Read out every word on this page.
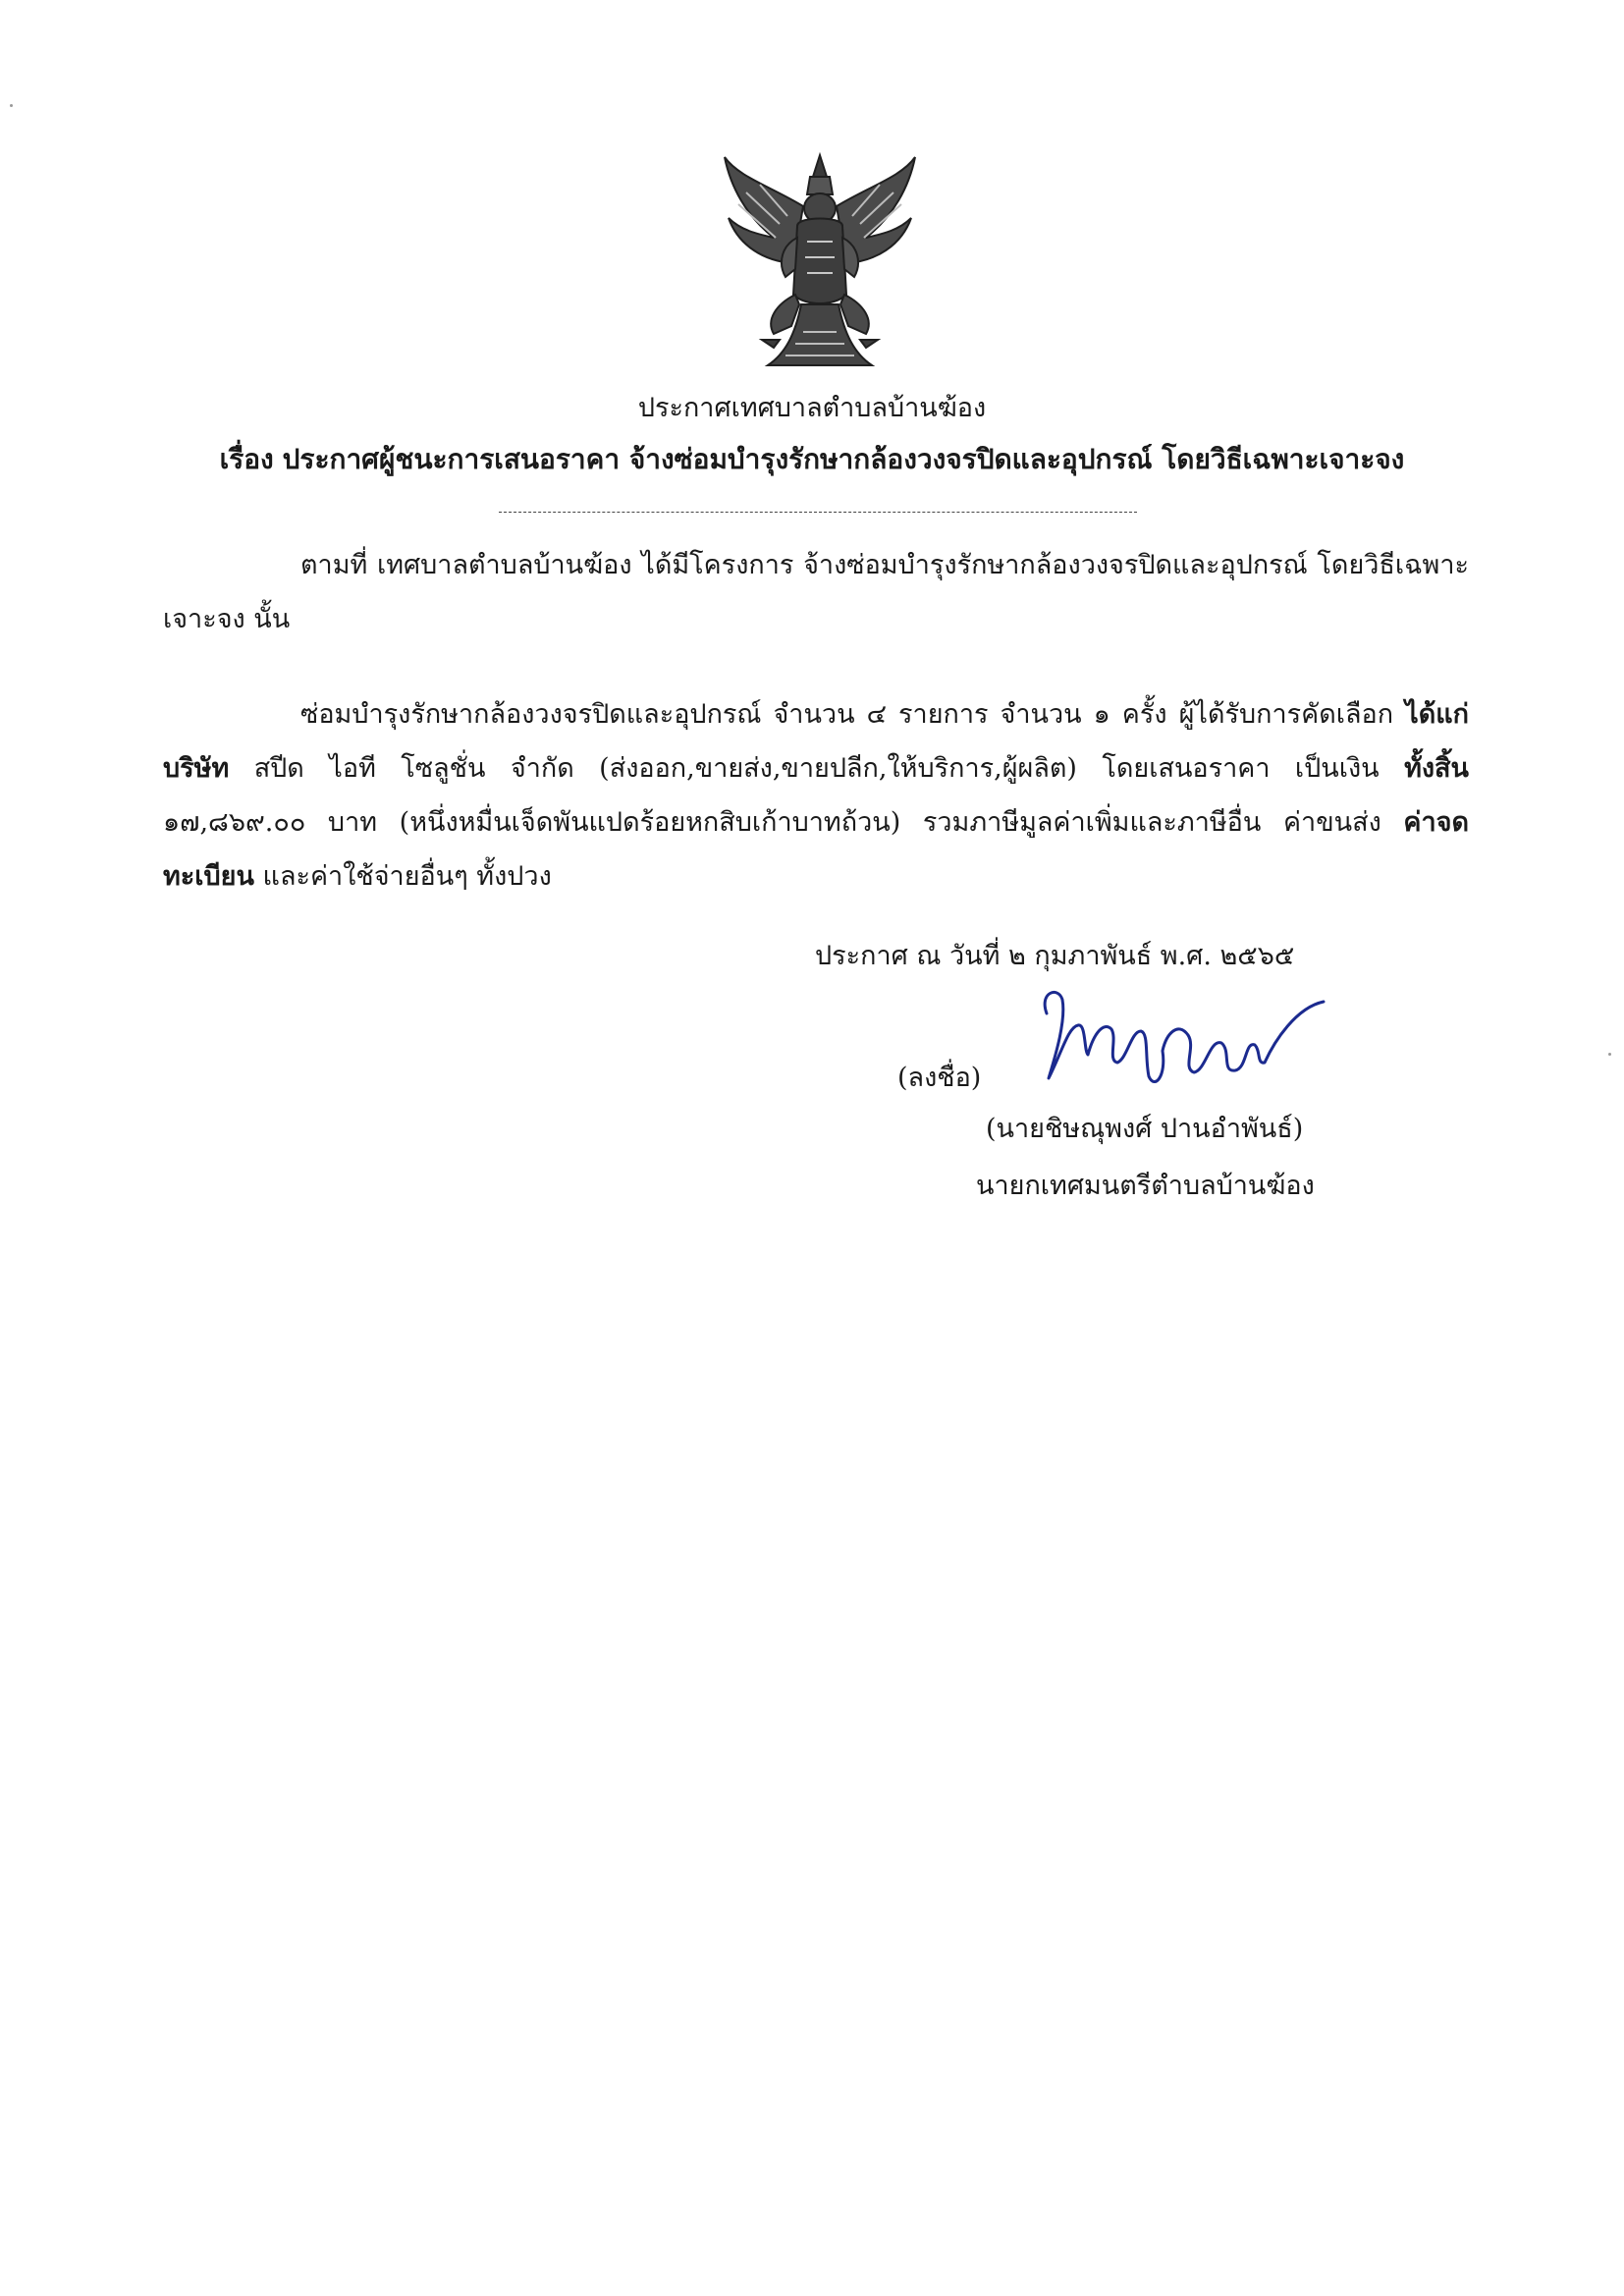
ประกาศเทศบาลตำบลบ้านฆ้อง
เรื่อง ประกาศผู้ชนะการเสนอราคา จ้างซ่อมบำรุงรักษากล้องวงจรปิดและอุปกรณ์ โดยวิธีเฉพาะเจาะจง
ตามที่ เทศบาลตำบลบ้านฆ้อง ได้มีโครงการ จ้างซ่อมบำรุงรักษากล้องวงจรปิดและอุปกรณ์ โดยวิธีเฉพาะเจาะจง นั้น
ซ่อมบำรุงรักษากล้องวงจรปิดและอุปกรณ์ จำนวน ๔ รายการ จำนวน ๑ ครั้ง ผู้ได้รับการคัดเลือก ได้แก่ บริษัท สปีด ไอที โซลูชั่น จำกัด (ส่งออก,ขายส่ง,ขายปลีก,ให้บริการ,ผู้ผลิต) โดยเสนอราคา เป็นเงิน ทั้งสิ้น ๑๗,๘๖๙.๐๐ บาท (หนึ่งหมื่นเจ็ดพันแปดร้อยหกสิบเก้าบาทถ้วน) รวมภาษีมูลค่าเพิ่มและภาษีอื่น ค่าขนส่ง ค่าจดทะเบียน และค่าใช้จ่ายอื่นๆ ทั้งปวง
ประกาศ ณ วันที่ ๒ กุมภาพันธ์ พ.ศ. ๒๕๖๕
(ลงชื่อ)
(นายชิษณุพงศ์ ปานอำพันธ์)
นายกเทศมนตรีตำบลบ้านฆ้อง
